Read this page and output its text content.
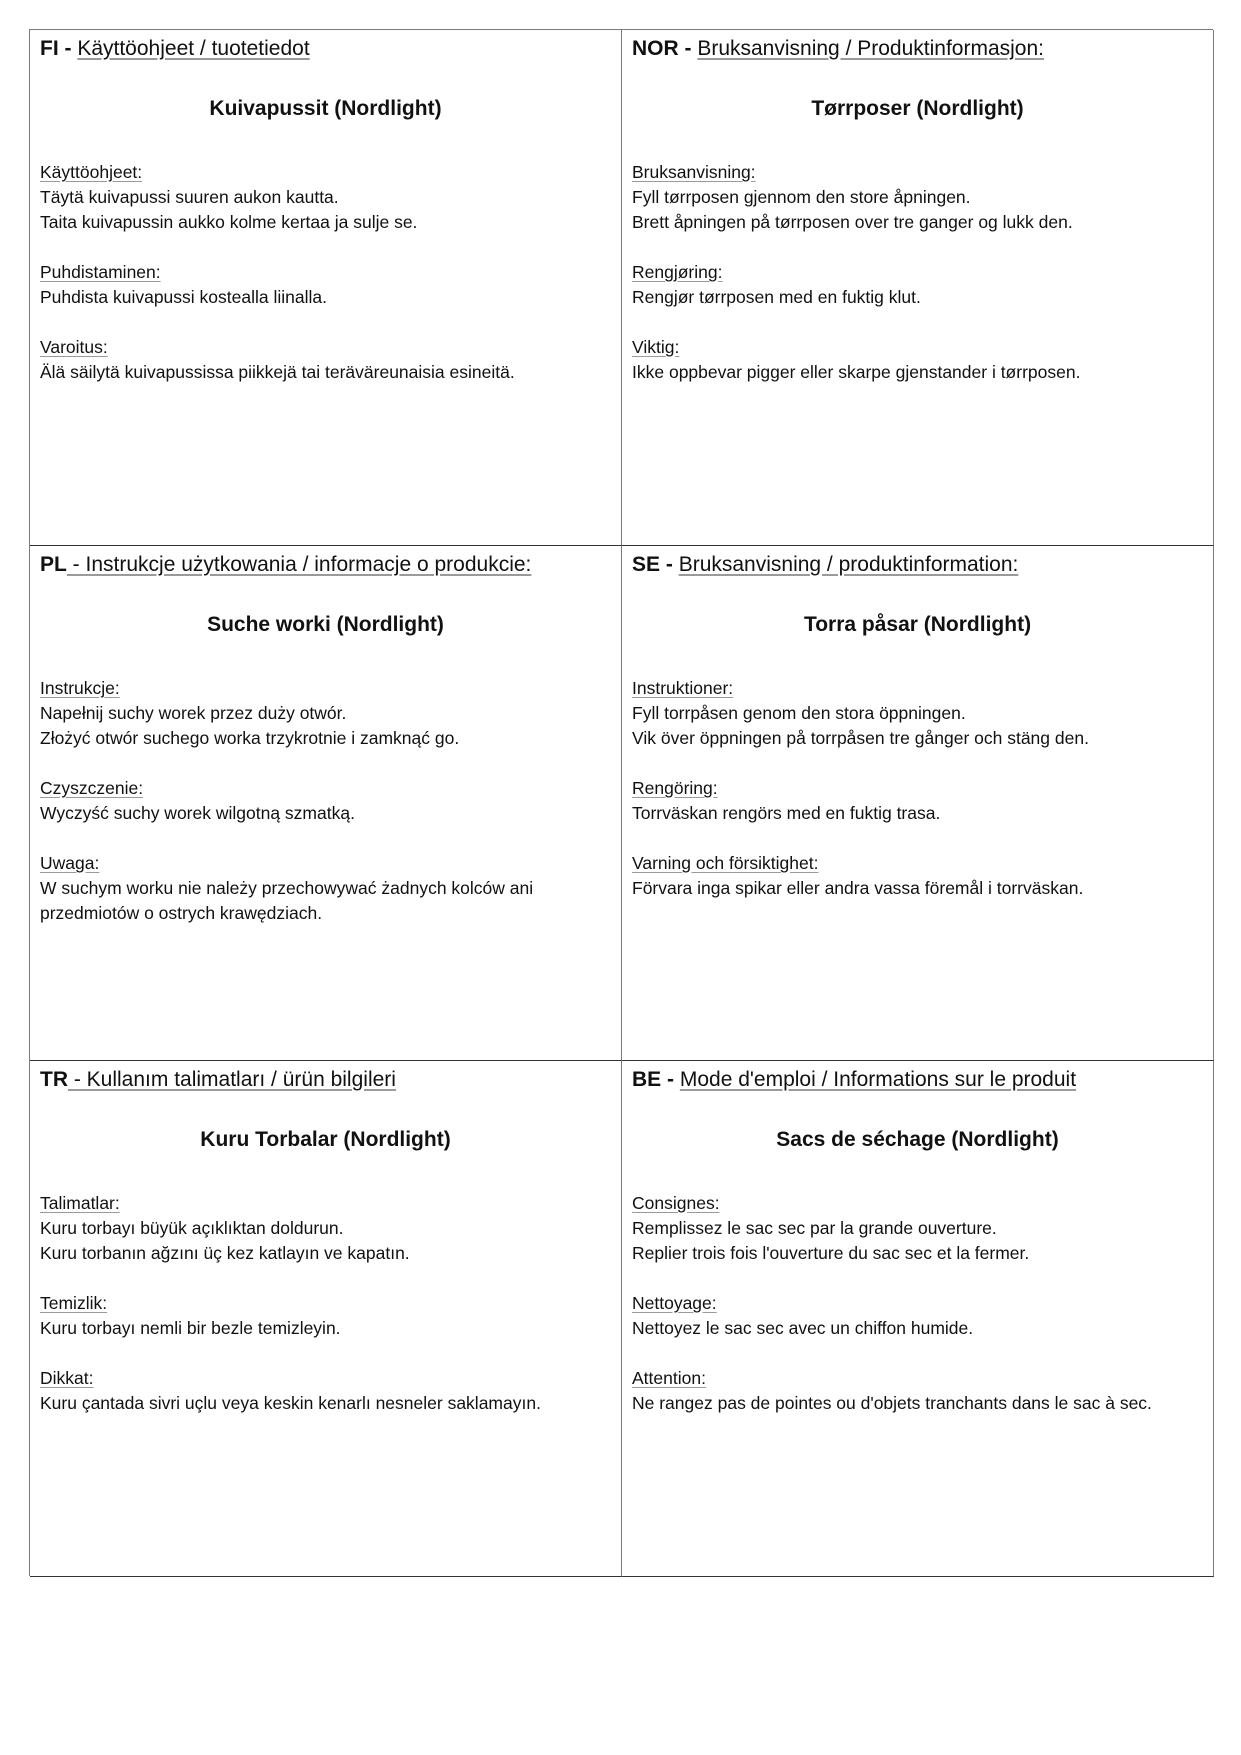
FI - Käyttöohjeet / tuotetiedot
Kuivapussit (Nordlight)
Käyttöohjeet:
Täytä kuivapussi suuren aukon kautta.
Taita kuivapussin aukko kolme kertaa ja sulje se.
Puhdistaminen:
Puhdista kuivapussi kostealla liinalla.
Varoitus:
Älä säilytä kuivapussissa piikkejä tai teräväreunaisia esineitä.
NOR - Bruksanvisning / Produktinformasjon:
Tørrposer (Nordlight)
Bruksanvisning:
Fyll tørrposen gjennom den store åpningen.
Brett åpningen på tørrposen over tre ganger og lukk den.
Rengjøring:
Rengjør tørrposen med en fuktig klut.
Viktig:
Ikke oppbevar pigger eller skarpe gjenstander i tørrposen.
PL - Instrukcje użytkowania / informacje o produkcie:
Suche worki (Nordlight)
Instrukcje:
Napełnij suchy worek przez duży otwór.
Złożyć otwór suchego worka trzykrotnie i zamknąć go.
Czyszczenie:
Wyczyść suchy worek wilgotną szmatką.
Uwaga:
W suchym worku nie należy przechowywać żadnych kolców ani przedmiotów o ostrych krawędziach.
SE - Bruksanvisning / produktinformation:
Torra påsar (Nordlight)
Instruktioner:
Fyll torrpåsen genom den stora öppningen.
Vik över öppningen på torrpåsen tre gånger och stäng den.
Rengöring:
Torrväskan rengörs med en fuktig trasa.
Varning och försiktighet:
Förvara inga spikar eller andra vassa föremål i torrväskan.
TR - Kullanım talimatları / ürün bilgileri
Kuru Torbalar (Nordlight)
Talimatlar:
Kuru torbayı büyük açıklıktan doldurun.
Kuru torbanın ağzını üç kez katlayın ve kapatın.
Temizlik:
Kuru torbayı nemli bir bezle temizleyin.
Dikkat:
Kuru çantada sivri uçlu veya keskin kenarlı nesneler saklamayın.
BE - Mode d'emploi / Informations sur le produit
Sacs de séchage (Nordlight)
Consignes:
Remplissez le sac sec par la grande ouverture.
Replier trois fois l'ouverture du sac sec et la fermer.
Nettoyage:
Nettoyez le sac sec avec un chiffon humide.
Attention:
Ne rangez pas de pointes ou d'objets tranchants dans le sac à sec.
